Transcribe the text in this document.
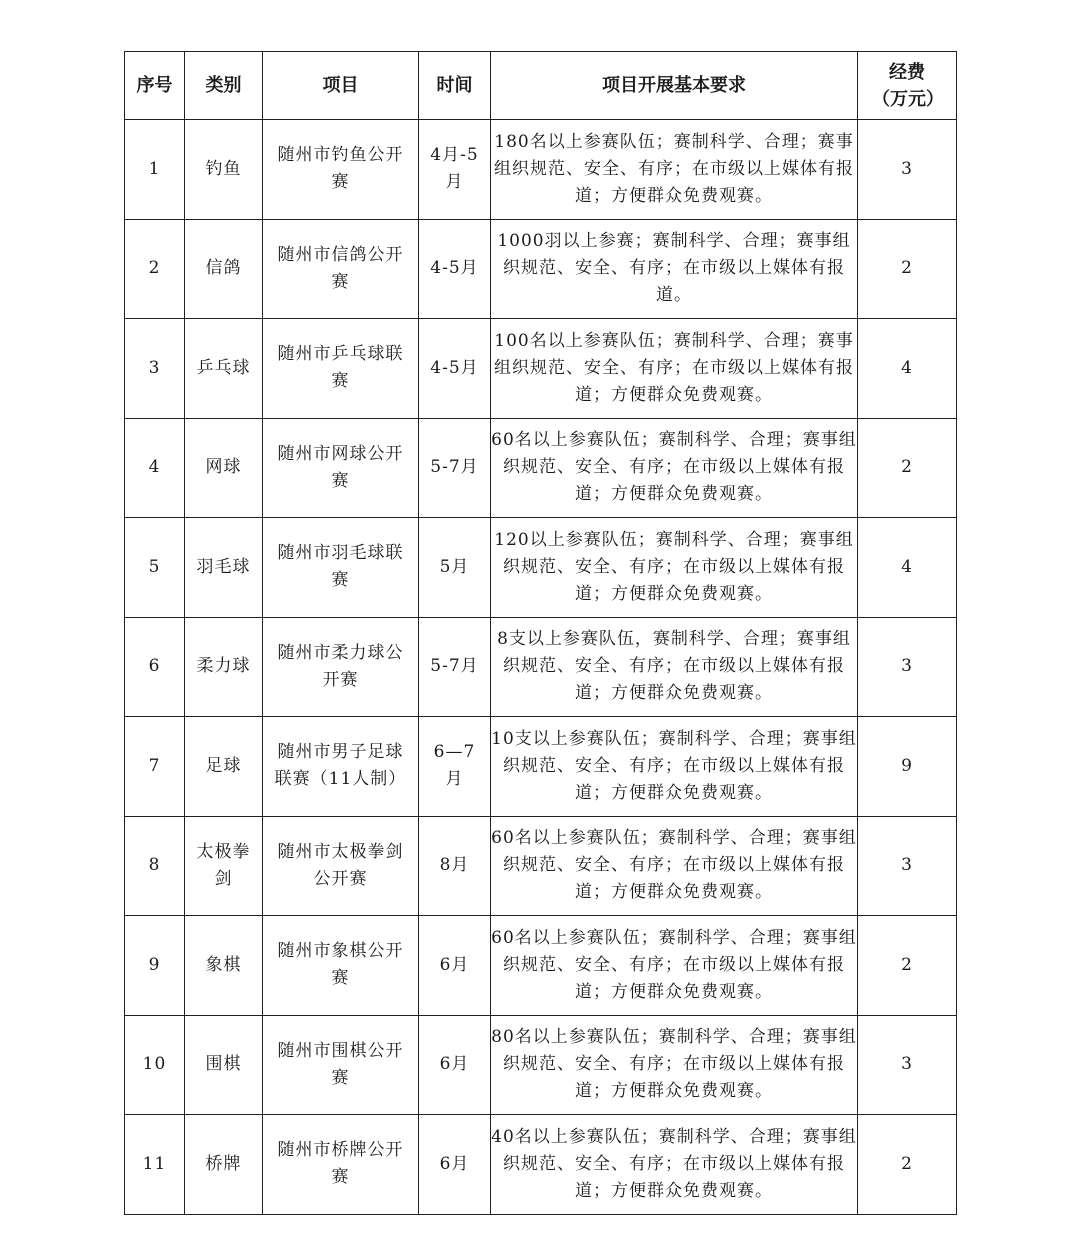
序号	类别	项目	时间	项目开展基本要求	经费（万元）
1	钓鱼	随州市钓鱼公开赛	4月-5月	180名以上参赛队伍；赛制科学、合理；赛事组织规范、安全、有序；在市级以上媒体有报道；方便群众免费观赛。	3
2	信鸽	随州市信鸽公开赛	4-5月	1000羽以上参赛；赛制科学、合理；赛事组织规范、安全、有序；在市级以上媒体有报道。	2
3	乒乓球	随州市乒乓球联赛	4-5月	100名以上参赛队伍；赛制科学、合理；赛事组织规范、安全、有序；在市级以上媒体有报道；方便群众免费观赛。	4
4	网球	随州市网球公开赛	5-7月	60名以上参赛队伍；赛制科学、合理；赛事组织规范、安全、有序；在市级以上媒体有报道；方便群众免费观赛。	2
5	羽毛球	随州市羽毛球联赛	5月	120以上参赛队伍；赛制科学、合理；赛事组织规范、安全、有序；在市级以上媒体有报道；方便群众免费观赛。	4
6	柔力球	随州市柔力球公开赛	5-7月	8支以上参赛队伍，赛制科学、合理；赛事组织规范、安全、有序；在市级以上媒体有报道；方便群众免费观赛。	3
7	足球	随州市男子足球联赛（11人制）	6—7月	10支以上参赛队伍；赛制科学、合理；赛事组织规范、安全、有序；在市级以上媒体有报道；方便群众免费观赛。	9
8	太极拳剑	随州市太极拳剑公开赛	8月	60名以上参赛队伍；赛制科学、合理；赛事组织规范、安全、有序；在市级以上媒体有报道；方便群众免费观赛。	3
9	象棋	随州市象棋公开赛	6月	60名以上参赛队伍；赛制科学、合理；赛事组织规范、安全、有序；在市级以上媒体有报道；方便群众免费观赛。	2
10	围棋	随州市围棋公开赛	6月	80名以上参赛队伍；赛制科学、合理；赛事组织规范、安全、有序；在市级以上媒体有报道；方便群众免费观赛。	3
11	桥牌	随州市桥牌公开赛	6月	40名以上参赛队伍；赛制科学、合理；赛事组织规范、安全、有序；在市级以上媒体有报道；方便群众免费观赛。	2
